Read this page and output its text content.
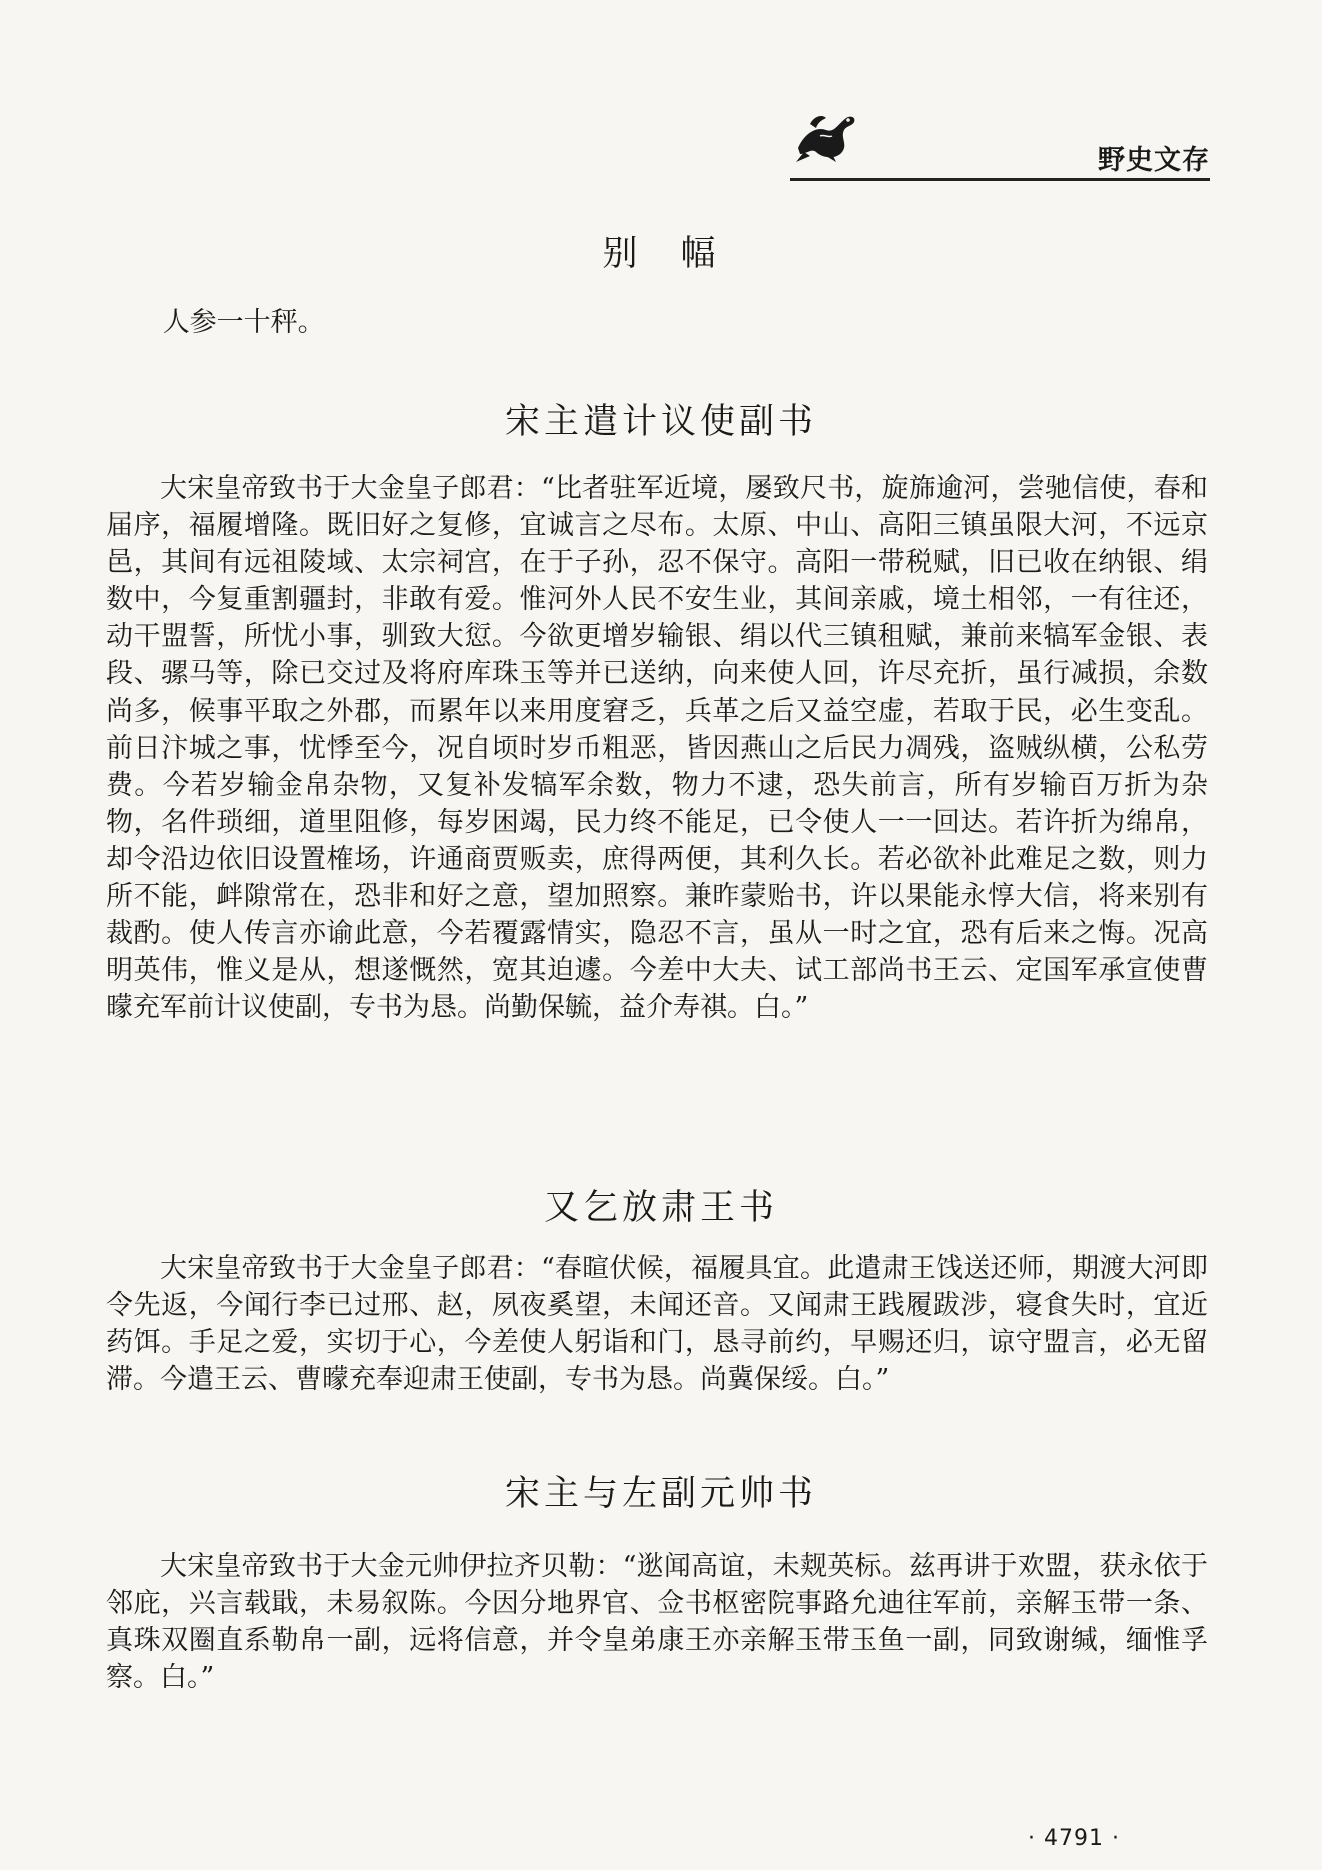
野史文存
别　幅

人参一十秤。

宋主遣计议使副书

大宋皇帝致书于大金皇子郎君：“比者驻军近境，屡致尺书，旋旆逾河，尝驰信使，春和届序，福履增隆。既旧好之复修，宜诚言之尽布。太原、中山、高阳三镇虽限大河，不远京邑，其间有远祖陵域、太宗祠宫，在于子孙，忍不保守。高阳一带税赋，旧已收在纳银、绢数中，今复重割疆封，非敢有爱。惟河外人民不安生业，其间亲戚，境土相邻，一有往还，动干盟誓，所忧小事，驯致大愆。今欲更增岁输银、绢以代三镇租赋，兼前来犒军金银、表段、骡马等，除已交过及将府库珠玉等并已送纳，向来使人回，许尽充折，虽行减损，余数尚多，候事平取之外郡，而累年以来用度窘乏，兵革之后又益空虚，若取于民，必生变乱。前日汴城之事，忧悸至今，况自顷时岁币粗恶，皆因燕山之后民力凋残，盗贼纵横，公私劳费。今若岁输金帛杂物，又复补发犒军余数，物力不逮，恐失前言，所有岁输百万折为杂物，名件琐细，道里阻修，每岁困竭，民力终不能足，已令使人一一回达。若许折为绵帛，却令沿边依旧设置榷场，许通商贾贩卖，庶得两便，其利久长。若必欲补此难足之数，则力所不能，衅隙常在，恐非和好之意，望加照察。兼昨蒙贻书，许以果能永惇大信，将来别有裁酌。使人传言亦谕此意，今若覆露情实，隐忍不言，虽从一时之宜，恐有后来之悔。况高明英伟，惟义是从，想遂慨然，宽其迫遽。今差中大夫、试工部尚书王云、定国军承宣使曹曚充军前计议使副，专书为恳。尚勤保毓，益介寿祺。白。”

又乞放肃王书

大宋皇帝致书于大金皇子郎君：“春暄伏候，福履具宜。此遣肃王饯送还师，期渡大河即令先返，今闻行李已过邢、赵，夙夜奚望，未闻还音。又闻肃王践履跋涉，寝食失时，宜近药饵。手足之爱，实切于心，今差使人躬诣和门，恳寻前约，早赐还归，谅守盟言，必无留滞。今遣王云、曹曚充奉迎肃王使副，专书为恳。尚冀保绥。白。”

宋主与左副元帅书

大宋皇帝致书于大金元帅伊拉齐贝勒：“逖闻高谊，未觌英标。兹再讲于欢盟，获永依于邻庇，兴言载戢，未易叙陈。今因分地界官、佥书枢密院事路允迪往军前，亲解玉带一条、真珠双圈直系勒帛一副，远将信意，并令皇弟康王亦亲解玉带玉鱼一副，同致谢缄，缅惟孚察。白。”

· 4791 ·
